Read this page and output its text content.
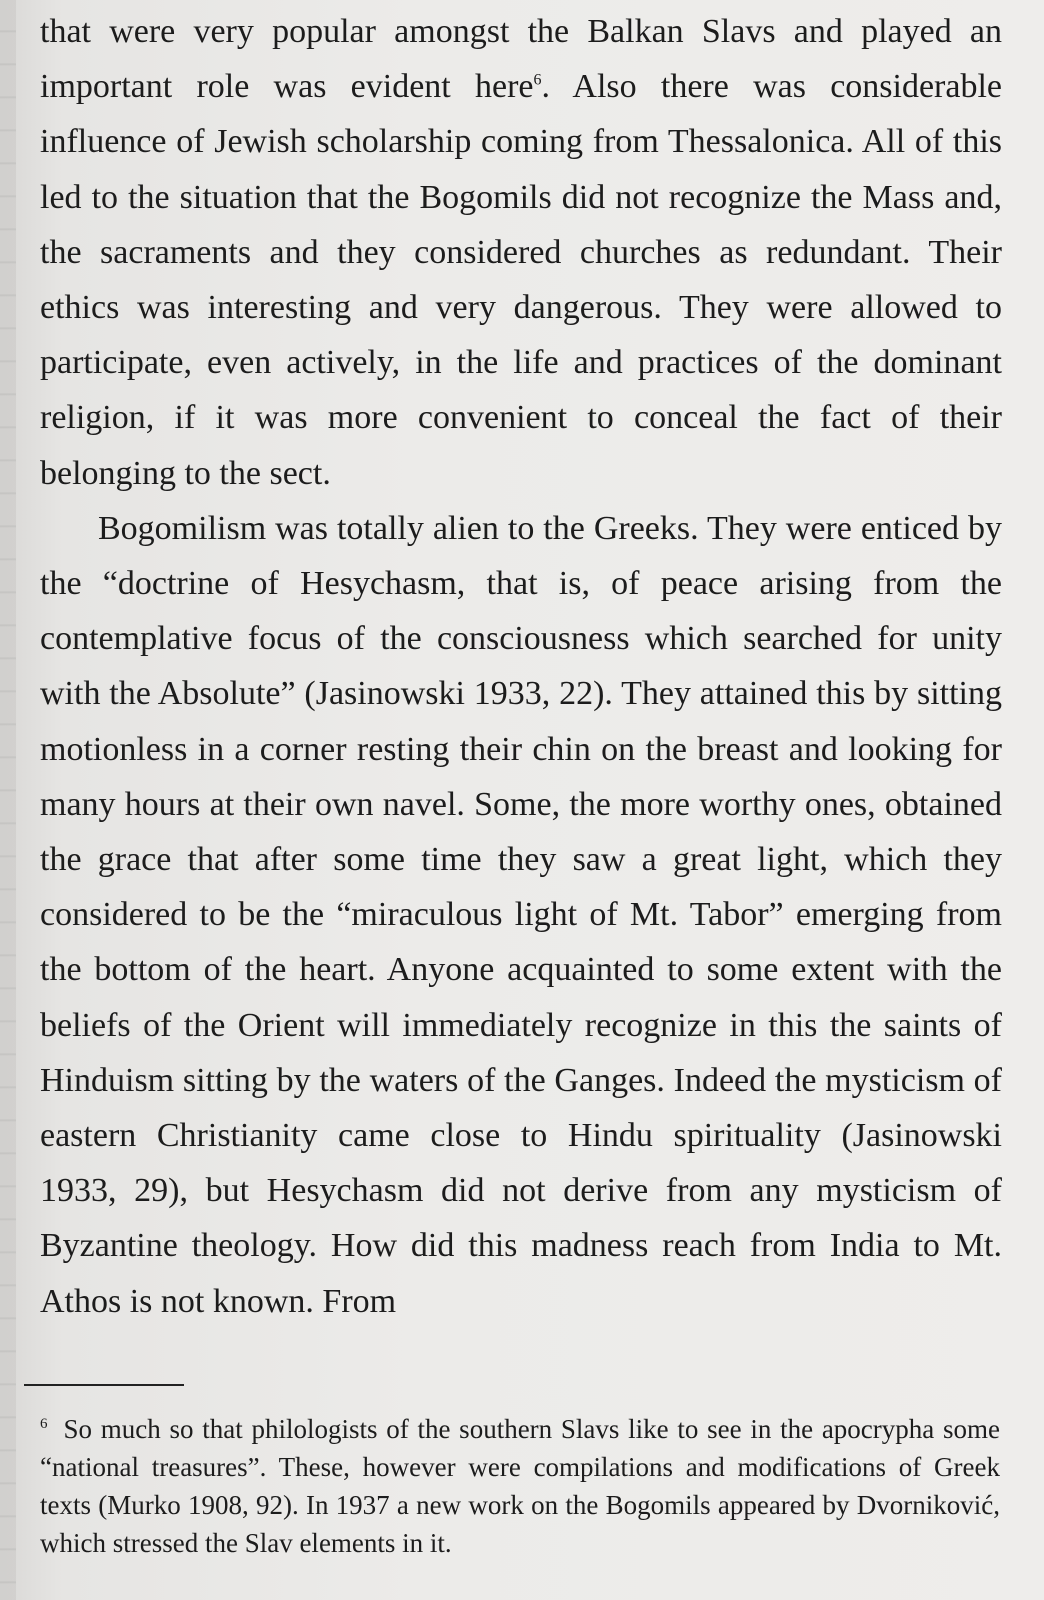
that were very popular amongst the Balkan Slavs and played an important role was evident here$^6$. Also there was considerable influence of Jewish scholarship coming from Thessalonica. All of this led to the situation that the Bogomils did not recognize the Mass and, the sacraments and they considered churches as redundant. Their ethics was interesting and very dangerous. They were allowed to participate, even actively, in the life and practices of the dominant religion, if it was more convenient to conceal the fact of their belonging to the sect.

Bogomilism was totally alien to the Greeks. They were enticed by the “doctrine of Hesychasm, that is, of peace arising from the contemplative focus of the consciousness which searched for unity with the Absolute” (Jasinowski 1933, 22). They attained this by sitting motionless in a corner resting their chin on the breast and looking for many hours at their own navel. Some, the more worthy ones, obtained the grace that after some time they saw a great light, which they considered to be the “miraculous light of Mt. Tabor” emerging from the bottom of the heart. Anyone acquainted to some extent with the beliefs of the Orient will immediately recognize in this the saints of Hinduism sitting by the waters of the Ganges. Indeed the mysticism of eastern Christianity came close to Hindu spirituality (Jasinowski 1933, 29), but Hesychasm did not derive from any mysticism of Byzantine theology. How did this madness reach from India to Mt. Athos is not known. From

$^6$ So much so that philologists of the southern Slavs like to see in the apocrypha some “national treasures”. These, however were compilations and modifications of Greek texts (Murko 1908, 92). In 1937 a new work on the Bogomils appeared by Dvorniković, which stressed the Slav elements in it.
